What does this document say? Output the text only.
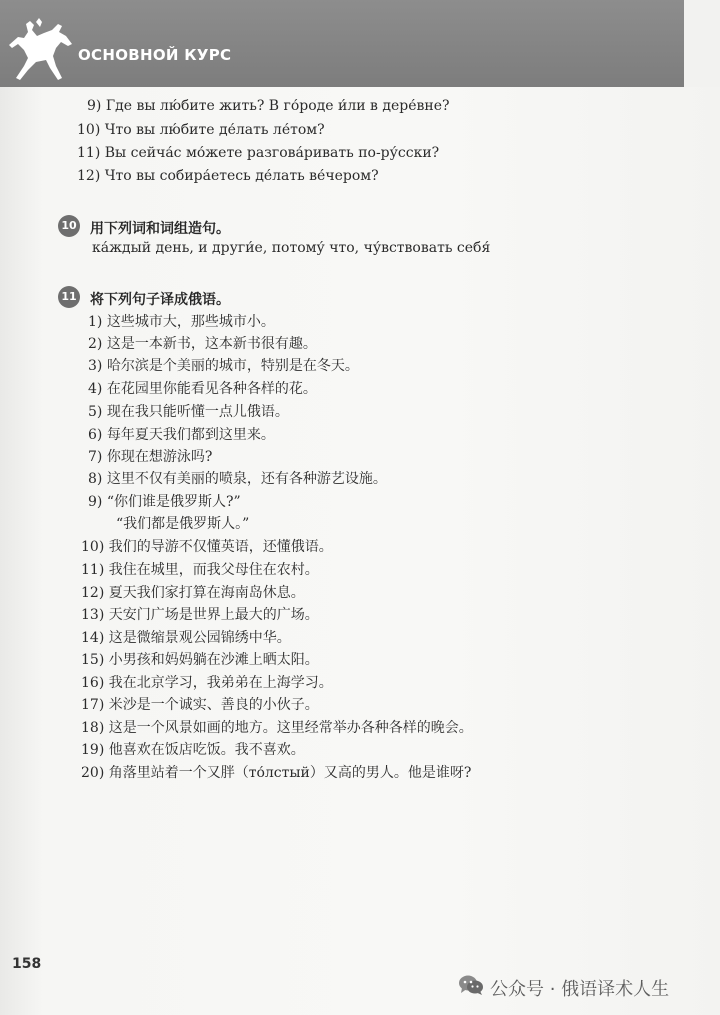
ОСНОВНОЙ КУРС
9) Где вы лю́бите жить? В го́роде и́ли в дере́вне?
10) Что вы лю́бите де́лать ле́том?
11) Вы сейча́с мо́жете разгова́ривать по-ру́сски?
12) Что вы собира́етесь де́лать ве́чером?
10 用下列词和词组造句。
ка́ждый день, и други́е, потому́ что, чу́вствовать себя́
11 将下列句子译成俄语。
1) 这些城市大，那些城市小。
2) 这是一本新书，这本新书很有趣。
3) 哈尔滨是个美丽的城市，特别是在冬天。
4) 在花园里你能看见各种各样的花。
5) 现在我只能听懂一点儿俄语。
6) 每年夏天我们都到这里来。
7) 你现在想游泳吗?
8) 这里不仅有美丽的喷泉，还有各种游艺设施。
9) “你们谁是俄罗斯人?”
“我们都是俄罗斯人。”
10) 我们的导游不仅懂英语，还懂俄语。
11) 我住在城里，而我父母住在农村。
12) 夏天我们家打算在海南岛休息。
13) 天安门广场是世界上最大的广场。
14) 这是微缩景观公园锦绣中华。
15) 小男孩和妈妈躺在沙滩上晒太阳。
16) 我在北京学习，我弟弟在上海学习。
17) 米沙是一个诚实、善良的小伙子。
18) 这是一个风景如画的地方。这里经常举办各种各样的晚会。
19) 他喜欢在饭店吃饭。我不喜欢。
20) 角落里站着一个又胖（то́лстый）又高的男人。他是谁呀?
158
公众号 · 俄语译术人生
